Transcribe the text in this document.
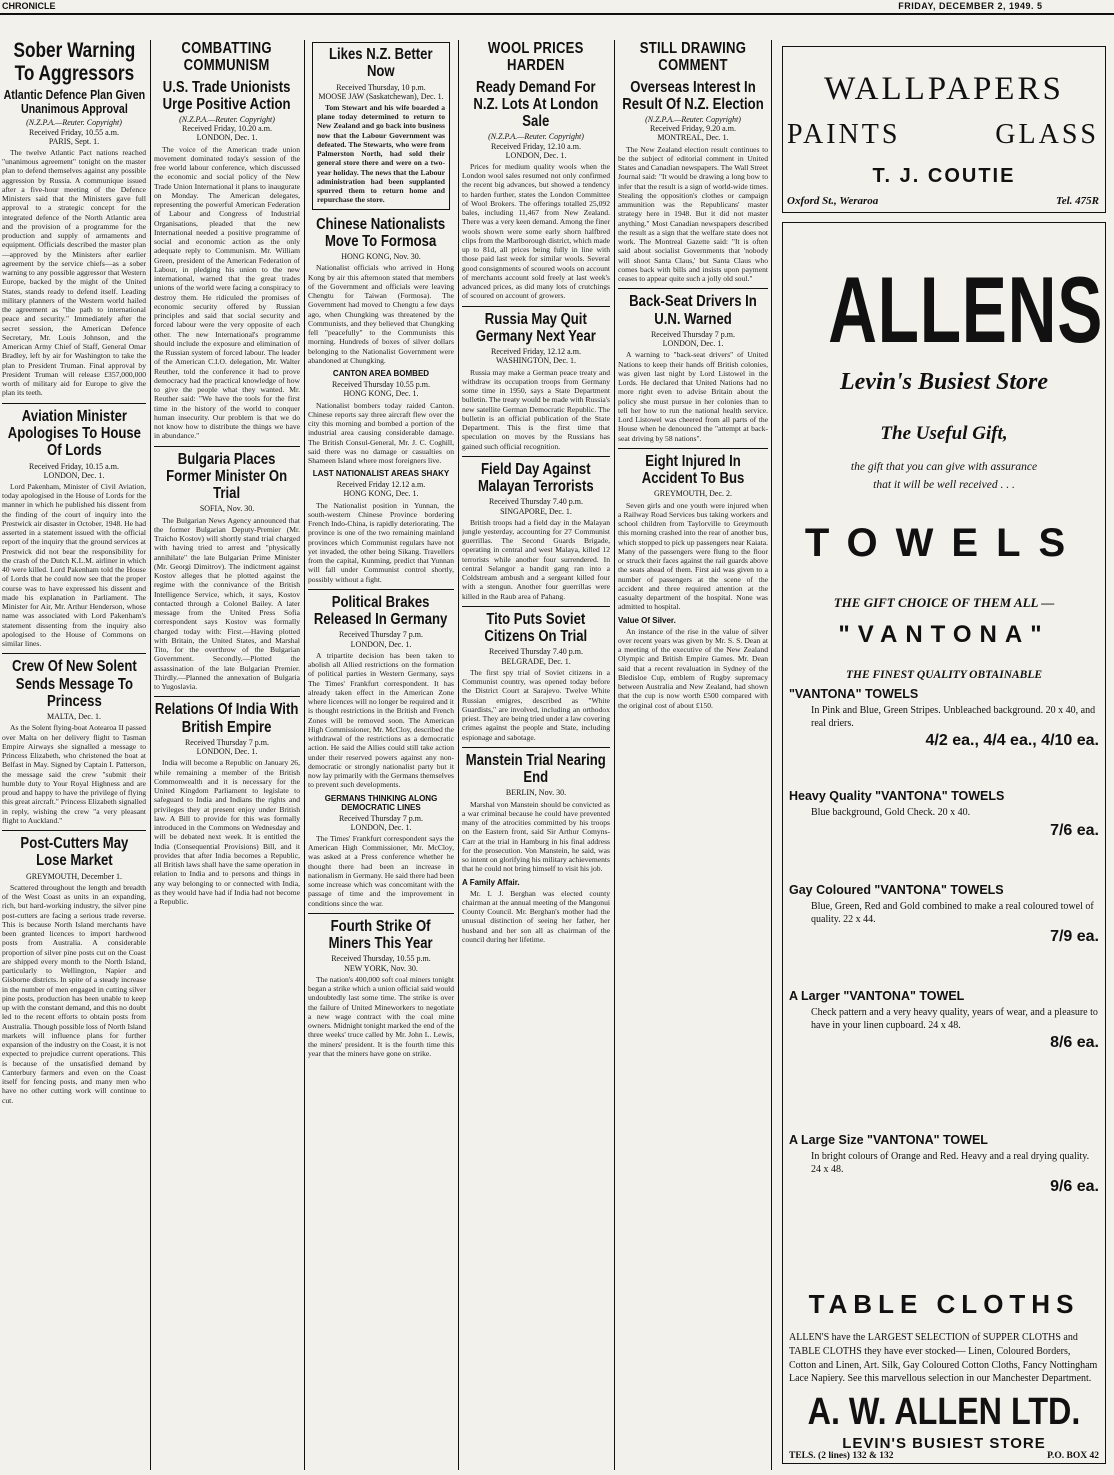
CHRONICLE	FRIDAY, DECEMBER 2, 1949. 5
Sober Warning To Aggressors
Atlantic Defence Plan Given Unanimous Approval
(N.Z.P.A.—Reuter. Copyright)
Received Friday, 10.55 a.m.
PARIS, Sept. 1.

The twelve Atlantic Pact nations reached "unanimous agreement" tonight on the master plan to defend themselves against any possible aggression by Russia. A communique issued after a five-hour meeting of the Defence Ministers said that the Ministers gave full approval to a strategic concept for the integrated defence of the North Atlantic area and the provision of a programme for the production and supply of armaments and equipment. Officials described the master plan—approved by the Ministers after earlier agreement by the service chiefs—as a sober warning to any possible aggressor that Western Europe, backed by the might of the United States, stands ready to defend itself. Leading military planners of the Western world hailed the agreement as "the path to international peace and security." Immediately after the secret session, the American Defence Secretary, Mr. Louis Johnson, and the American Army Chief of Staff, General Omar Bradley, left by air for Washington to take the plan to President Truman. Final approval by President Truman will release £357,000,000 worth of military aid for Europe to give the plan its teeth.

Aviation Minister Apologises To House Of Lords
Received Friday, 10.15 a.m.
LONDON, Dec. 1.

Lord Pakenham, Minister of Civil Aviation, today apologised in the House of Lords for the manner in which he published his dissent from the finding of the court of inquiry into the Prestwick air disaster in October, 1948. He had asserted in a statement issued with the official report of the inquiry that the ground services at Prestwick did not bear the responsibility for the crash of the Dutch K.L.M. airliner in which 40 were killed. Lord Pakenham told the House of Lords that he could now see that the proper course was to have expressed his dissent and made his explanation in Parliament. The Minister for Air, Mr. Arthur Henderson, whose name was associated with Lord Pakenham's statement dissenting from the inquiry also apologised to the House of Commons on similar lines.

Crew Of New Solent Sends Message To Princess
MALTA, Dec. 1.

As the Solent flying-boat Aotearoa II passed over Malta on her delivery flight to Tasman Empire Airways she signalled a message to Princess Elizabeth, who christened the boat at Belfast in May. Signed by Captain I. Patterson, the message said the crew "submit their humble duty to Your Royal Highness and are proud and happy to have the privilege of flying this great aircraft." Princess Elizabeth signalled in reply, wishing the crew "a very pleasant flight to Auckland."

Post-Cutters May Lose Market
GREYMOUTH, December 1.

Scattered throughout the length and breadth of the West Coast as units in an expanding, rich, but hard-working industry, the silver pine post-cutters are facing a serious trade reverse. This is because North Island merchants have been granted licences to import hardwood posts from Australia. A considerable proportion of silver pine posts cut on the Coast are shipped every month to the North Island, particularly to Wellington, Napier and Gisborne districts. In spite of a steady increase in the number of men engaged in cutting silver pine posts, production has been unable to keep up with the constant demand, and this no doubt led to the recent efforts to obtain posts from Australia. Though possible loss of North Island markets will influence plans for further expansion of the industry on the Coast, it is not expected to prejudice current operations. This is because of the unsatisfied demand by Canterbury farmers and even on the Coast itself for fencing posts, and many men who have no other cutting work will continue to cut.

COMBATTING COMMUNISM
U.S. Trade Unionists Urge Positive Action
(N.Z.P.A.—Reuter. Copyright)
Received Friday, 10.20 a.m.
LONDON, Dec. 1.

The voice of the American trade union movement dominated today's session of the free world labour conference, which discussed the economic and social policy of the New Trade Union International it plans to inaugurate on Monday. The American delegates, representing the powerful American Federation of Labour and Congress of Industrial Organisations, pleaded that the new International needed a positive programme of social and economic action as the only adequate reply to Communism. Mr. William Green, president of the American Federation of Labour, in pledging his union to the new international, warned that the great trades unions of the world were facing a conspiracy to destroy them. He ridiculed the promises of economic security offered by Russian principles and said that social security and forced labour were the very opposite of each other. The new International's programme should include the exposure and elimination of the Russian system of forced labour. The leader of the American C.I.O. delegation, Mr. Walter Reuther, told the conference it had to prove democracy had the practical knowledge of how to give the people what they wanted. Mr. Reuther said: "We have the tools for the first time in the history of the world to conquer human insecurity. Our problem is that we do not know how to distribute the things we have in abundance."

Bulgaria Places Former Minister On Trial
SOFIA, Nov. 30.

The Bulgarian News Agency announced that the former Bulgarian Deputy-Premier (Mr. Traicho Kostov) will shortly stand trial charged with having tried to arrest and "physically annihilate" the late Bulgarian Prime Minister (Mr. Georgi Dimitrov). The indictment against Kostov alleges that he plotted against the regime with the connivance of the British Intelligence Service, which, it says, Kostov contacted through a Colonel Bailey. A later message from the United Press Sofia correspondent says Kostov was formally charged today with: First.—Having plotted with Britain, the United States, and Marshal Tito, for the overthrow of the Bulgarian Government. Secondly.—Plotted the assassination of the late Bulgarian Premier. Thirdly.—Planned the annexation of Bulgaria to Yugoslavia.

Relations Of India With British Empire
Received Thursday 7 p.m.
LONDON, Dec. 1.

India will become a Republic on January 26, while remaining a member of the British Commonwealth and it is necessary for the United Kingdom Parliament to legislate to safeguard to India and Indians the rights and privileges they at present enjoy under British law. A Bill to provide for this was formally introduced in the Commons on Wednesday and will be debated next week. It is entitled the India (Consequential Provisions) Bill, and it provides that after India becomes a Republic, all British laws shall have the same operation in relation to India and to persons and things in any way belonging to or connected with India, as they would have had if India had not become a Republic.

Likes N.Z. Better Now
Received Thursday, 10 p.m.
MOOSE JAW (Saskatchewan), Dec. 1.

Tom Stewart and his wife boarded a plane today determined to return to New Zealand and go back into business now that the Labour Government was defeated. The Stewarts, who were from Palmerston North, had sold their general store there and were on a two-year holiday. The news that the Labour administration had been supplanted spurred them to return home and repurchase the store.

Chinese Nationalists Move To Formosa
HONG KONG, Nov. 30.

Nationalist officials who arrived in Hong Kong by air this afternoon stated that members of the Government and officials were leaving Chengtu for Taiwan (Formosa). The Government had moved to Chengtu a few days ago, when Chungking was threatened by the Communists, and they believed that Chungking fell "peacefully" to the Communists this morning. Hundreds of boxes of silver dollars belonging to the Nationalist Government were abandoned at Chungking.

CANTON AREA BOMBED
Received Thursday 10.55 p.m.
HONG KONG, Dec. 1.

Nationalist bombers today raided Canton. Chinese reports say three aircraft flew over the city this morning and bombed a portion of the industrial area causing considerable damage. The British Consul-General, Mr. J. C. Coghill, said there was no damage or casualties on Shameen Island where most foreigners live.

LAST NATIONALIST AREAS SHAKY
Received Friday 12.12 a.m.
HONG KONG, Dec. 1.

The Nationalist position in Yunnan, the south-western Chinese Province bordering French Indo-China, is rapidly deteriorating. The province is one of the two remaining mainland provinces which Communist regulars have not yet invaded, the other being Sikang. Travellers from the capital, Kunming, predict that Yunnan will fall under Communist control shortly, possibly without a fight.

Political Brakes Released In Germany
Received Thursday 7 p.m.
LONDON, Dec. 1.

A tripartite decision has been taken to abolish all Allied restrictions on the formation of political parties in Western Germany, says The Times' Frankfurt correspondent. It has already taken effect in the American Zone where licences will no longer be required and it is thought restrictions in the British and French Zones will be removed soon. The American High Commissioner, Mr. McCloy, described the withdrawal of the restrictions as a democratic action. He said the Allies could still take action under their reserved powers against any non-democratic or strongly nationalist party but it now lay primarily with the Germans themselves to prevent such developments.

GERMANS THINKING ALONG DEMOCRATIC LINES
Received Thursday 7 p.m.
LONDON, Dec. 1.

The Times' Frankfurt correspondent says the American High Commissioner, Mr. McCloy, was asked at a Press conference whether he thought there had been an increase in nationalism in Germany. He said there had been some increase which was concomitant with the passage of time and the improvement in conditions since the war.

Fourth Strike Of Miners This Year
Received Thursday, 10.55 p.m.
NEW YORK, Nov. 30.

The nation's 400,000 soft coal miners tonight began a strike which a union official said would undoubtedly last some time. The strike is over the failure of United Mineworkers to negotiate a new wage contract with the coal mine owners. Midnight tonight marked the end of the three weeks' truce called by Mr. John L. Lewis, the miners' president. It is the fourth time this year that the miners have gone on strike.

WOOL PRICES HARDEN
Ready Demand For N.Z. Lots At London Sale
(N.Z.P.A.—Reuter. Copyright)
Received Friday, 12.10 a.m.
LONDON, Dec. 1.

Prices for medium quality wools when the London wool sales resumed not only confirmed the recent big advances, but showed a tendency to harden further, states the London Committee of Wool Brokers. The offerings totalled 25,092 bales, including 11,467 from New Zealand. There was a very keen demand. Among the finer wools shown were some early shorn halfbred clips from the Marlborough district, which made up to 81d, all prices being fully in line with those paid last week for similar wools. Several good consignments of scoured wools on account of merchants account sold freely at last week's advanced prices, as did many lots of crutchings of scoured on account of growers.

Russia May Quit Germany Next Year
Received Friday, 12.12 a.m.
WASHINGTON, Dec. 1.

Russia may make a German peace treaty and withdraw its occupation troops from Germany some time in 1950, says a State Department bulletin. The treaty would be made with Russia's new satellite German Democratic Republic. The bulletin is an official publication of the State Department. This is the first time that speculation on moves by the Russians has gained such official recognition.

Field Day Against Malayan Terrorists
Received Thursday 7.40 p.m.
SINGAPORE, Dec. 1.

British troops had a field day in the Malayan jungle yesterday, accounting for 27 Communist guerrillas. The Second Guards Brigade, operating in central and west Malaya, killed 12 terrorists while another four surrendered. In central Selangor a bandit gang ran into a Coldstream ambush and a sergeant killed four with a stengun. Another four guerrillas were killed in the Raub area of Pahang.

Tito Puts Soviet Citizens On Trial
Received Thursday 7.40 p.m.
BELGRADE, Dec. 1.

The first spy trial of Soviet citizens in a Communist country, was opened today before the District Court at Sarajevo. Twelve White Russian emigres, described as "White Guardists," are involved, including an orthodox priest. They are being tried under a law covering crimes against the people and State, including espionage and sabotage.

Manstein Trial Nearing End
BERLIN, Nov. 30.

Marshal von Manstein should be convicted as a war criminal because he could have prevented many of the atrocities committed by his troops on the Eastern front, said Sir Arthur Comyns-Carr at the trial in Hamburg in his final address for the prosecution. Von Manstein, he said, was so intent on glorifying his military achievements that he could not bring himself to visit his job.

A Family Affair.

Mr. I. J. Berghan was elected county chairman at the annual meeting of the Mangonui County Council. Mr. Berghan's mother had the unusual distinction of seeing her father, her husband and her son all as chairman of the council during her lifetime.

STILL DRAWING COMMENT
Overseas Interest In Result Of N.Z. Election
(N.Z.P.A.—Reuter. Copyright)
Received Friday, 9.20 a.m.
MONTREAL, Dec. 1.

The New Zealand election result continues to be the subject of editorial comment in United States and Canadian newspapers. The Wall Street Journal said: "It would be drawing a long bow to infer that the result is a sign of world-wide times. Stealing the opposition's clothes or campaign ammunition was the Republicans' master strategy here in 1948. But it did not master anything." Most Canadian newspapers described the result as a sign that the welfare state does not work. The Montreal Gazette said: "It is often said about socialist Governments that 'nobody will shoot Santa Claus,' but Santa Claus who comes back with bills and insists upon payment ceases to appear quite such a jolly old soul."

Back-Seat Drivers In U.N. Warned
Received Thursday 7 p.m.
LONDON, Dec. 1.

A warning to "back-seat drivers" of United Nations to keep their hands off British colonies, was given last night by Lord Listowel in the Lords. He declared that United Nations had no more right even to advise Britain about the policy she must pursue in her colonies than to tell her how to run the national health service. Lord Listowel was cheered from all parts of the House when he denounced the "attempt at back-seat driving by 58 nations".

Eight Injured In Accident To Bus
GREYMOUTH, Dec. 2.

Seven girls and one youth were injured when a Railway Road Services bus taking workers and school children from Taylorville to Greymouth this morning crashed into the rear of another bus, which stopped to pick up passengers near Kaiata. Many of the passengers were flung to the floor or struck their faces against the rail guards above the seats ahead of them. First aid was given to a number of passengers at the scene of the accident and three required attention at the casualty department of the hospital. None was admitted to hospital.

Value Of Silver.

An instance of the rise in the value of silver over recent years was given by Mr. S. S. Dean at a meeting of the executive of the New Zealand Olympic and British Empire Games. Mr. Dean said that a recent revaluation in Sydney of the Bledisloe Cup, emblem of Rugby supremacy between Australia and New Zealand, had shown that the cup is now worth £500 compared with the original cost of about £150.

WALLPAPERS
PAINTS	GLASS
T. J. COUTIE
Oxford St., Weraroa	Tel. 475R
ALLENS
Levin's Busiest Store
The Useful Gift,
the gift that you can give with assurance
that it will be well received . . .
TOWELS
THE GIFT CHOICE OF THEM ALL —
"VANTONA"
THE FINEST QUALITY OBTAINABLE
"VANTONA" TOWELS
In Pink and Blue, Green Stripes. Unbleached background. 20 x 40, and real driers.
4/2 ea., 4/4 ea., 4/10 ea.
Heavy Quality "VANTONA" TOWELS
Blue background, Gold Check. 20 x 40.
7/6 ea.
Gay Coloured "VANTONA" TOWELS
Blue, Green, Red and Gold combined to make a real coloured towel of quality. 22 x 44.
7/9 ea.
A Larger "VANTONA" TOWEL
Check pattern and a very heavy quality, years of wear, and a pleasure to have in your linen cupboard. 24 x 48.
8/6 ea.
A Large Size "VANTONA" TOWEL
In bright colours of Orange and Red. Heavy and a real drying quality. 24 x 48.
9/6 ea.
TABLE CLOTHS
ALLEN'S have the LARGEST SELECTION of SUPPER CLOTHS and TABLE CLOTHS they have ever stocked— Linen, Coloured Borders, Cotton and Linen, Art. Silk, Gay Coloured Cotton Cloths, Fancy Nottingham Lace Napiery. See this marvellous selection in our Manchester Department.
A. W. ALLEN LTD.
LEVIN'S BUSIEST STORE
TELS. (2 lines) 132 & 132	P.O. BOX 42
